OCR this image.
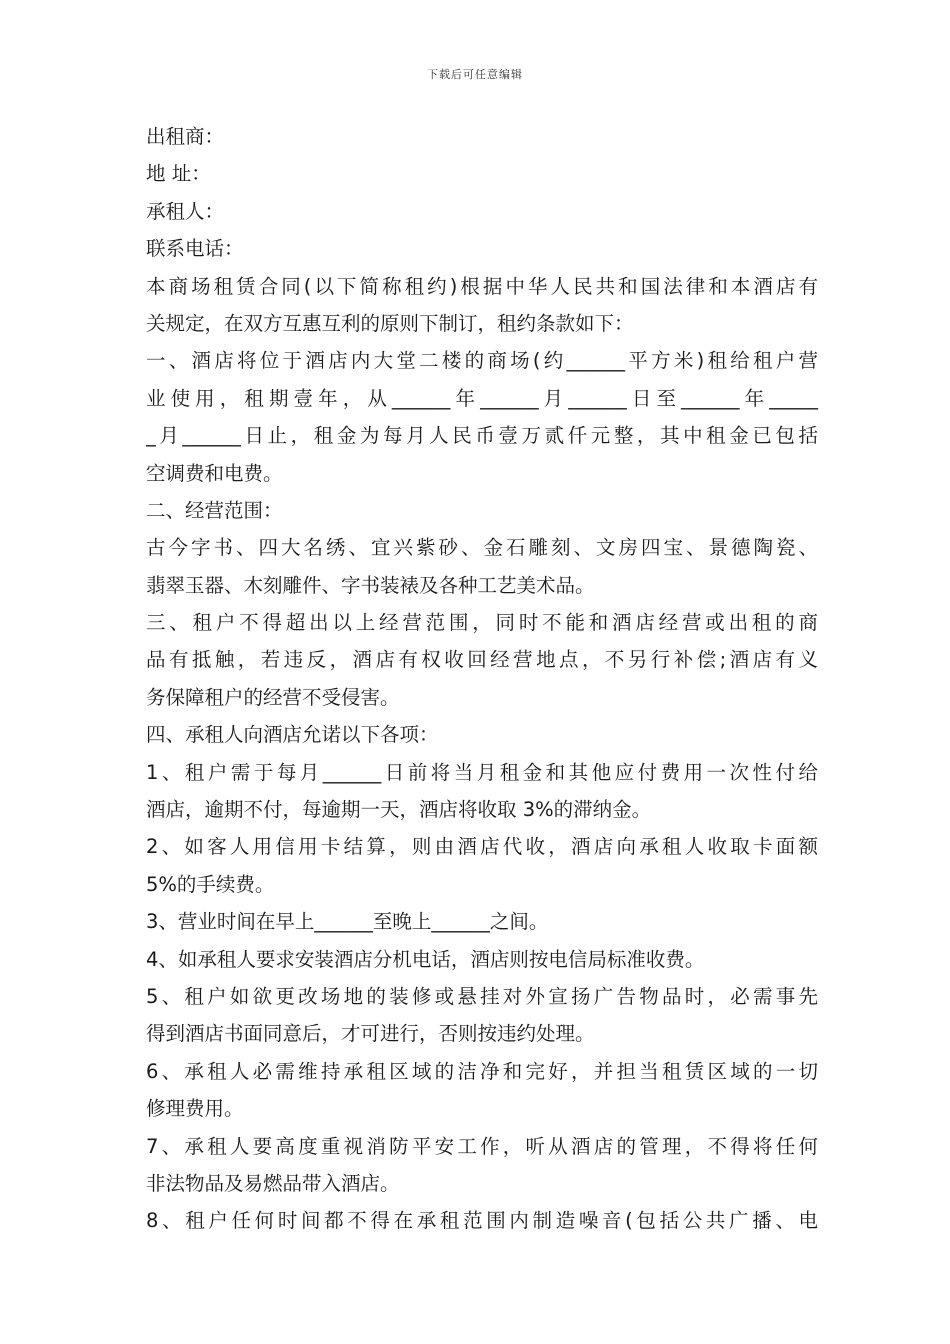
下载后可任意编辑
出租商：
地 址：
承租人：
联系电话：
本商场租赁合同(以下简称租约)根据中华人民共和国法律和本酒店有
关规定，在双方互惠互利的原则下制订，租约条款如下：
一、酒店将位于酒店内大堂二楼的商场(约______平方米)租给租户营
业使用，租期壹年，从______年______月______日至______年_____
_月______日止，租金为每月人民币壹万贰仟元整，其中租金已包括
空调费和电费。
二、经营范围：
古今字书、四大名绣、宜兴紫砂、金石雕刻、文房四宝、景德陶瓷、
翡翠玉器、木刻雕件、字书装裱及各种工艺美术品。
三、租户不得超出以上经营范围，同时不能和酒店经营或出租的商
品有抵触，若违反，酒店有权收回经营地点，不另行补偿;酒店有义
务保障租户的经营不受侵害。
四、承租人向酒店允诺以下各项：
1、租户需于每月______日前将当月租金和其他应付费用一次性付给
酒店，逾期不付，每逾期一天，酒店将收取 3%的滞纳金。
2、如客人用信用卡结算，则由酒店代收，酒店向承租人收取卡面额
5%的手续费。
3、营业时间在早上______至晚上______之间。
4、如承租人要求安装酒店分机电话，酒店则按电信局标准收费。
5、租户如欲更改场地的装修或悬挂对外宣扬广告物品时，必需事先
得到酒店书面同意后，才可进行，否则按违约处理。
6、承租人必需维持承租区域的洁净和完好，并担当租赁区域的一切
修理费用。
7、承租人要高度重视消防平安工作，听从酒店的管理，不得将任何
非法物品及易燃品带入酒店。
8、租户任何时间都不得在承租范围内制造噪音(包括公共广播、电
